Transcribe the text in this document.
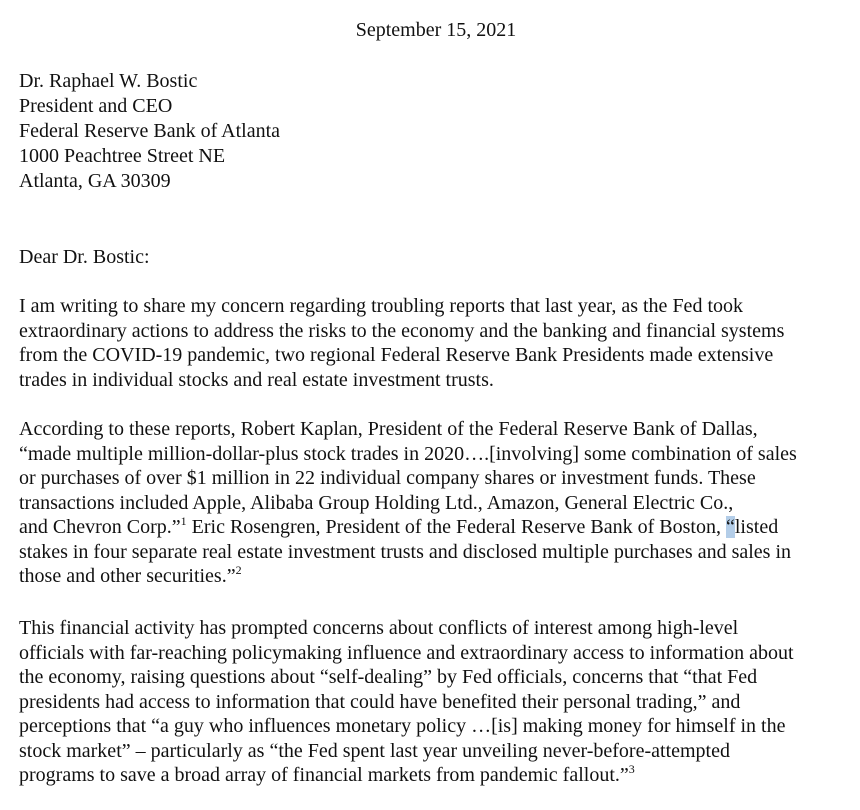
September 15, 2021
Dr. Raphael W. Bostic
President and CEO
Federal Reserve Bank of Atlanta
1000 Peachtree Street NE
Atlanta, GA 30309
Dear Dr. Bostic:
I am writing to share my concern regarding troubling reports that last year, as the Fed took
extraordinary actions to address the risks to the economy and the banking and financial systems
from the COVID-19 pandemic, two regional Federal Reserve Bank Presidents made extensive
trades in individual stocks and real estate investment trusts.
According to these reports, Robert Kaplan, President of the Federal Reserve Bank of Dallas,
“made multiple million-dollar-plus stock trades in 2020….[involving] some combination of sales
or purchases of over $1 million in 22 individual company shares or investment funds. These
transactions included Apple, Alibaba Group Holding Ltd., Amazon, General Electric Co.,
and Chevron Corp.”$^1$ Eric Rosengren, President of the Federal Reserve Bank of Boston, “listed
stakes in four separate real estate investment trusts and disclosed multiple purchases and sales in
those and other securities.”$^2$
This financial activity has prompted concerns about conflicts of interest among high-level
officials with far-reaching policymaking influence and extraordinary access to information about
the economy, raising questions about “self-dealing” by Fed officials, concerns that “that Fed
presidents had access to information that could have benefited their personal trading,” and
perceptions that “a guy who influences monetary policy …[is] making money for himself in the
stock market” – particularly as “the Fed spent last year unveiling never-before-attempted
programs to save a broad array of financial markets from pandemic fallout.”$^3$
